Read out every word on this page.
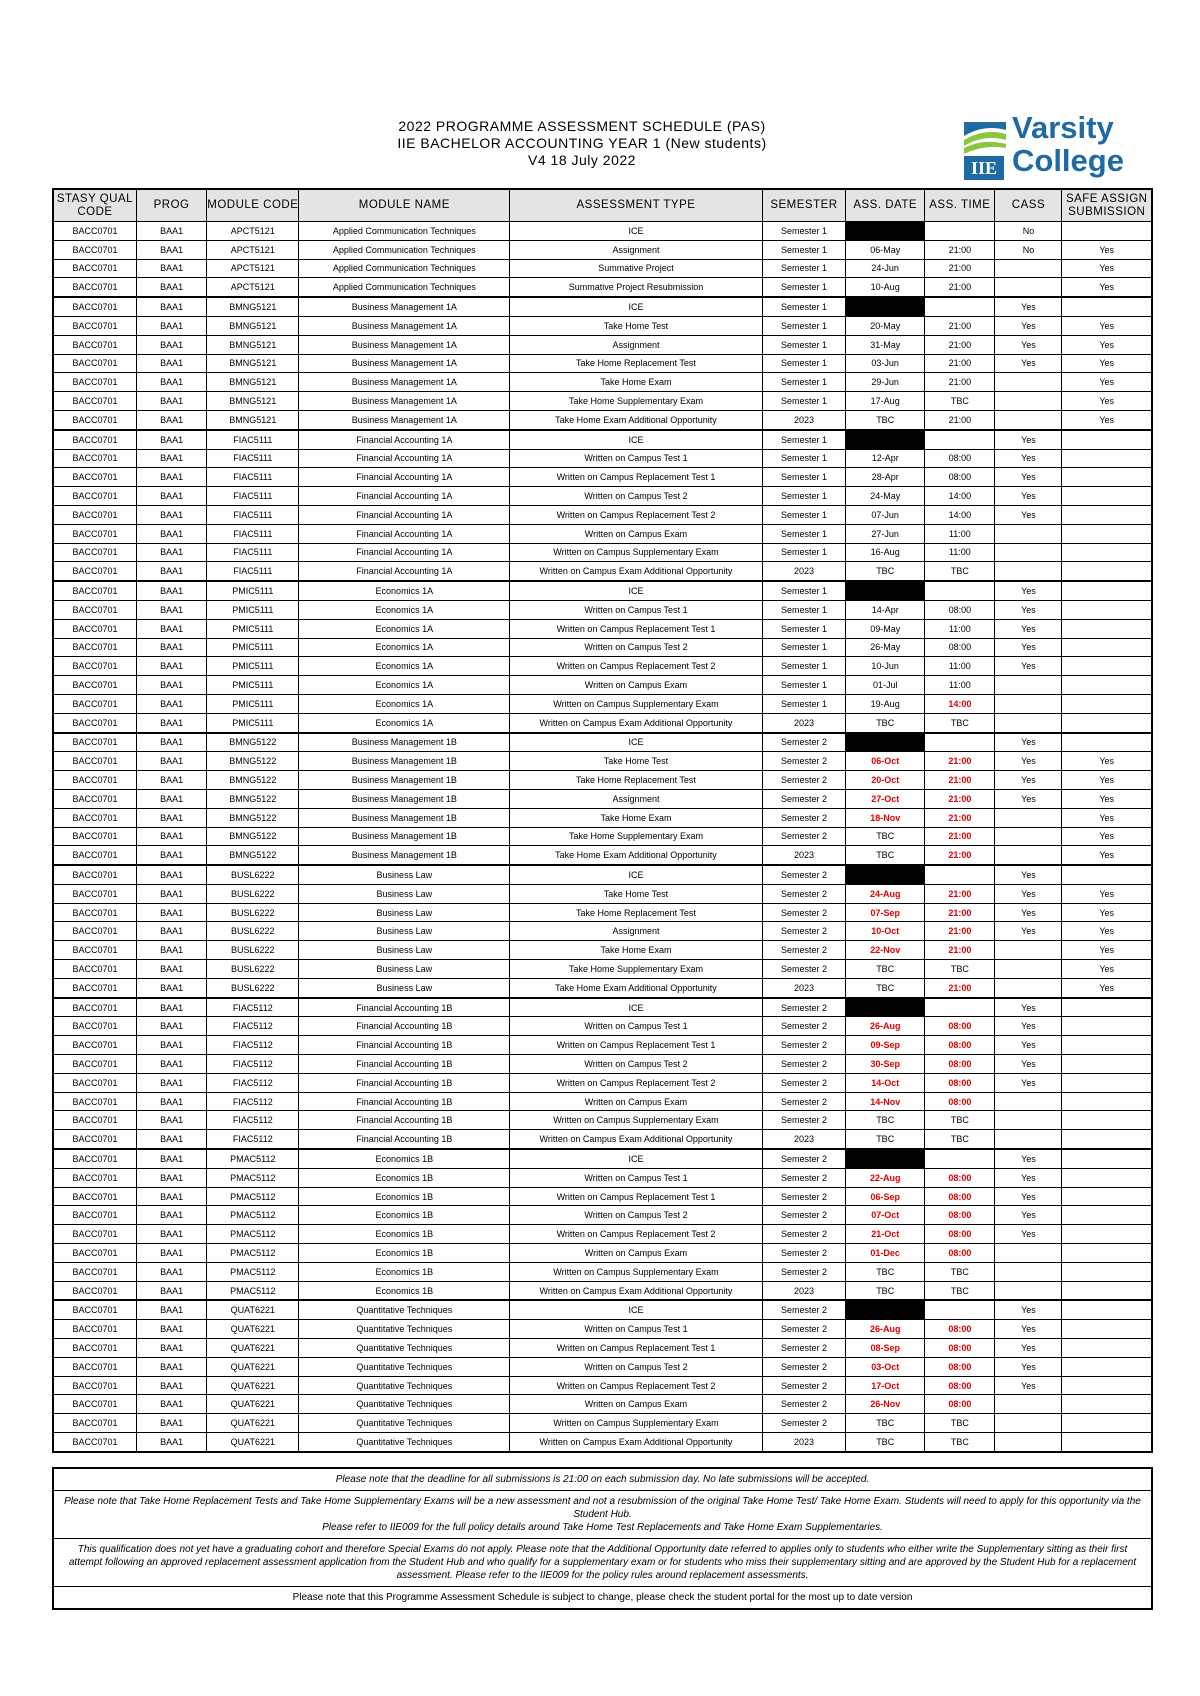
2022 PROGRAMME ASSESSMENT SCHEDULE (PAS)
IIE BACHELOR ACCOUNTING YEAR 1 (New students)
V4 18 July 2022	IIE
Varsity
College
STASY QUAL CODE	PROG	MODULE CODE	MODULE NAME	ASSESSMENT TYPE	SEMESTER	ASS. DATE	ASS. TIME	CASS	SAFE ASSIGN SUBMISSION
BACC0701	BAA1	APCT5121	Applied Communication Techniques	ICE	Semester 1			No	
BACC0701	BAA1	APCT5121	Applied Communication Techniques	Assignment	Semester 1	06-May	21:00	No	Yes
BACC0701	BAA1	APCT5121	Applied Communication Techniques	Summative Project	Semester 1	24-Jun	21:00		Yes
BACC0701	BAA1	APCT5121	Applied Communication Techniques	Summative Project Resubmission	Semester 1	10-Aug	21:00		Yes
BACC0701	BAA1	BMNG5121	Business Management 1A	ICE	Semester 1			Yes	
BACC0701	BAA1	BMNG5121	Business Management 1A	Take Home Test	Semester 1	20-May	21:00	Yes	Yes
BACC0701	BAA1	BMNG5121	Business Management 1A	Assignment	Semester 1	31-May	21:00	Yes	Yes
BACC0701	BAA1	BMNG5121	Business Management 1A	Take Home Replacement Test	Semester 1	03-Jun	21:00	Yes	Yes
BACC0701	BAA1	BMNG5121	Business Management 1A	Take Home Exam	Semester 1	29-Jun	21:00		Yes
BACC0701	BAA1	BMNG5121	Business Management 1A	Take Home Supplementary Exam	Semester 1	17-Aug	TBC		Yes
BACC0701	BAA1	BMNG5121	Business Management 1A	Take Home Exam Additional Opportunity	2023	TBC	21:00		Yes
BACC0701	BAA1	FIAC5111	Financial Accounting 1A	ICE	Semester 1			Yes	
BACC0701	BAA1	FIAC5111	Financial Accounting 1A	Written on Campus Test 1	Semester 1	12-Apr	08:00	Yes	
BACC0701	BAA1	FIAC5111	Financial Accounting 1A	Written on Campus Replacement Test 1	Semester 1	28-Apr	08:00	Yes	
BACC0701	BAA1	FIAC5111	Financial Accounting 1A	Written on Campus Test 2	Semester 1	24-May	14:00	Yes	
BACC0701	BAA1	FIAC5111	Financial Accounting 1A	Written on Campus Replacement Test 2	Semester 1	07-Jun	14:00	Yes	
BACC0701	BAA1	FIAC5111	Financial Accounting 1A	Written on Campus Exam	Semester 1	27-Jun	11:00		
BACC0701	BAA1	FIAC5111	Financial Accounting 1A	Written on Campus Supplementary Exam	Semester 1	16-Aug	11:00		
BACC0701	BAA1	FIAC5111	Financial Accounting 1A	Written on Campus Exam Additional Opportunity	2023	TBC	TBC		
BACC0701	BAA1	PMIC5111	Economics 1A	ICE	Semester 1			Yes	
BACC0701	BAA1	PMIC5111	Economics 1A	Written on Campus Test 1	Semester 1	14-Apr	08:00	Yes	
BACC0701	BAA1	PMIC5111	Economics 1A	Written on Campus Replacement Test 1	Semester 1	09-May	11:00	Yes	
BACC0701	BAA1	PMIC5111	Economics 1A	Written on Campus Test 2	Semester 1	26-May	08:00	Yes	
BACC0701	BAA1	PMIC5111	Economics 1A	Written on Campus Replacement Test 2	Semester 1	10-Jun	11:00	Yes	
BACC0701	BAA1	PMIC5111	Economics 1A	Written on Campus Exam	Semester 1	01-Jul	11:00		
BACC0701	BAA1	PMIC5111	Economics 1A	Written on Campus Supplementary Exam	Semester 1	19-Aug	14:00		
BACC0701	BAA1	PMIC5111	Economics 1A	Written on Campus Exam Additional Opportunity	2023	TBC	TBC		
BACC0701	BAA1	BMNG5122	Business Management 1B	ICE	Semester 2			Yes	
BACC0701	BAA1	BMNG5122	Business Management 1B	Take Home Test	Semester 2	06-Oct	21:00	Yes	Yes
BACC0701	BAA1	BMNG5122	Business Management 1B	Take Home Replacement Test	Semester 2	20-Oct	21:00	Yes	Yes
BACC0701	BAA1	BMNG5122	Business Management 1B	Assignment	Semester 2	27-Oct	21:00	Yes	Yes
BACC0701	BAA1	BMNG5122	Business Management 1B	Take Home Exam	Semester 2	18-Nov	21:00		Yes
BACC0701	BAA1	BMNG5122	Business Management 1B	Take Home Supplementary Exam	Semester 2	TBC	21:00		Yes
BACC0701	BAA1	BMNG5122	Business Management 1B	Take Home Exam Additional Opportunity	2023	TBC	21:00		Yes
BACC0701	BAA1	BUSL6222	Business Law	ICE	Semester 2			Yes	
BACC0701	BAA1	BUSL6222	Business Law	Take Home Test	Semester 2	24-Aug	21:00	Yes	Yes
BACC0701	BAA1	BUSL6222	Business Law	Take Home Replacement Test	Semester 2	07-Sep	21:00	Yes	Yes
BACC0701	BAA1	BUSL6222	Business Law	Assignment	Semester 2	10-Oct	21:00	Yes	Yes
BACC0701	BAA1	BUSL6222	Business Law	Take Home Exam	Semester 2	22-Nov	21:00		Yes
BACC0701	BAA1	BUSL6222	Business Law	Take Home Supplementary Exam	Semester 2	TBC	TBC		Yes
BACC0701	BAA1	BUSL6222	Business Law	Take Home Exam Additional Opportunity	2023	TBC	21:00		Yes
BACC0701	BAA1	FIAC5112	Financial Accounting 1B	ICE	Semester 2			Yes	
BACC0701	BAA1	FIAC5112	Financial Accounting 1B	Written on Campus Test 1	Semester 2	26-Aug	08:00	Yes	
BACC0701	BAA1	FIAC5112	Financial Accounting 1B	Written on Campus Replacement Test 1	Semester 2	09-Sep	08:00	Yes	
BACC0701	BAA1	FIAC5112	Financial Accounting 1B	Written on Campus Test 2	Semester 2	30-Sep	08:00	Yes	
BACC0701	BAA1	FIAC5112	Financial Accounting 1B	Written on Campus Replacement Test 2	Semester 2	14-Oct	08:00	Yes	
BACC0701	BAA1	FIAC5112	Financial Accounting 1B	Written on Campus Exam	Semester 2	14-Nov	08:00		
BACC0701	BAA1	FIAC5112	Financial Accounting 1B	Written on Campus Supplementary Exam	Semester 2	TBC	TBC		
BACC0701	BAA1	FIAC5112	Financial Accounting 1B	Written on Campus Exam Additional Opportunity	2023	TBC	TBC		
BACC0701	BAA1	PMAC5112	Economics 1B	ICE	Semester 2			Yes	
BACC0701	BAA1	PMAC5112	Economics 1B	Written on Campus Test 1	Semester 2	22-Aug	08:00	Yes	
BACC0701	BAA1	PMAC5112	Economics 1B	Written on Campus Replacement Test 1	Semester 2	06-Sep	08:00	Yes	
BACC0701	BAA1	PMAC5112	Economics 1B	Written on Campus Test 2	Semester 2	07-Oct	08:00	Yes	
BACC0701	BAA1	PMAC5112	Economics 1B	Written on Campus Replacement Test 2	Semester 2	21-Oct	08:00	Yes	
BACC0701	BAA1	PMAC5112	Economics 1B	Written on Campus Exam	Semester 2	01-Dec	08:00		
BACC0701	BAA1	PMAC5112	Economics 1B	Written on Campus Supplementary Exam	Semester 2	TBC	TBC		
BACC0701	BAA1	PMAC5112	Economics 1B	Written on Campus Exam Additional Opportunity	2023	TBC	TBC		
BACC0701	BAA1	QUAT6221	Quantitative Techniques	ICE	Semester 2			Yes	
BACC0701	BAA1	QUAT6221	Quantitative Techniques	Written on Campus Test 1	Semester 2	26-Aug	08:00	Yes	
BACC0701	BAA1	QUAT6221	Quantitative Techniques	Written on Campus Replacement Test 1	Semester 2	08-Sep	08:00	Yes	
BACC0701	BAA1	QUAT6221	Quantitative Techniques	Written on Campus Test 2	Semester 2	03-Oct	08:00	Yes	
BACC0701	BAA1	QUAT6221	Quantitative Techniques	Written on Campus Replacement Test 2	Semester 2	17-Oct	08:00	Yes	
BACC0701	BAA1	QUAT6221	Quantitative Techniques	Written on Campus Exam	Semester 2	26-Nov	08:00		
BACC0701	BAA1	QUAT6221	Quantitative Techniques	Written on Campus Supplementary Exam	Semester 2	TBC	TBC		
BACC0701	BAA1	QUAT6221	Quantitative Techniques	Written on Campus Exam Additional Opportunity	2023	TBC	TBC		
Please note that the deadline for all submissions is 21:00 on each submission day. No late submissions will be accepted.
Please note that Take Home Replacement Tests and Take Home Supplementary Exams will be a new assessment and not a resubmission of the original Take Home Test/ Take Home Exam. Students will need to apply for this opportunity via the Student Hub.
Please refer to IIE009 for the full policy details around Take Home Test Replacements and Take Home Exam Supplementaries.
This qualification does not yet have a graduating cohort and therefore Special Exams do not apply. Please note that the Additional Opportunity date referred to applies only to students who either write the Supplementary sitting as their first attempt following an approved replacement assessment application from the Student Hub and who qualify for a supplementary exam or for students who miss their supplementary sitting and are approved by the Student Hub for a replacement assessment. Please refer to the IIE009 for the policy rules around replacement assessments.
Please note that this Programme Assessment Schedule is subject to change, please check the student portal for the most up to date version
